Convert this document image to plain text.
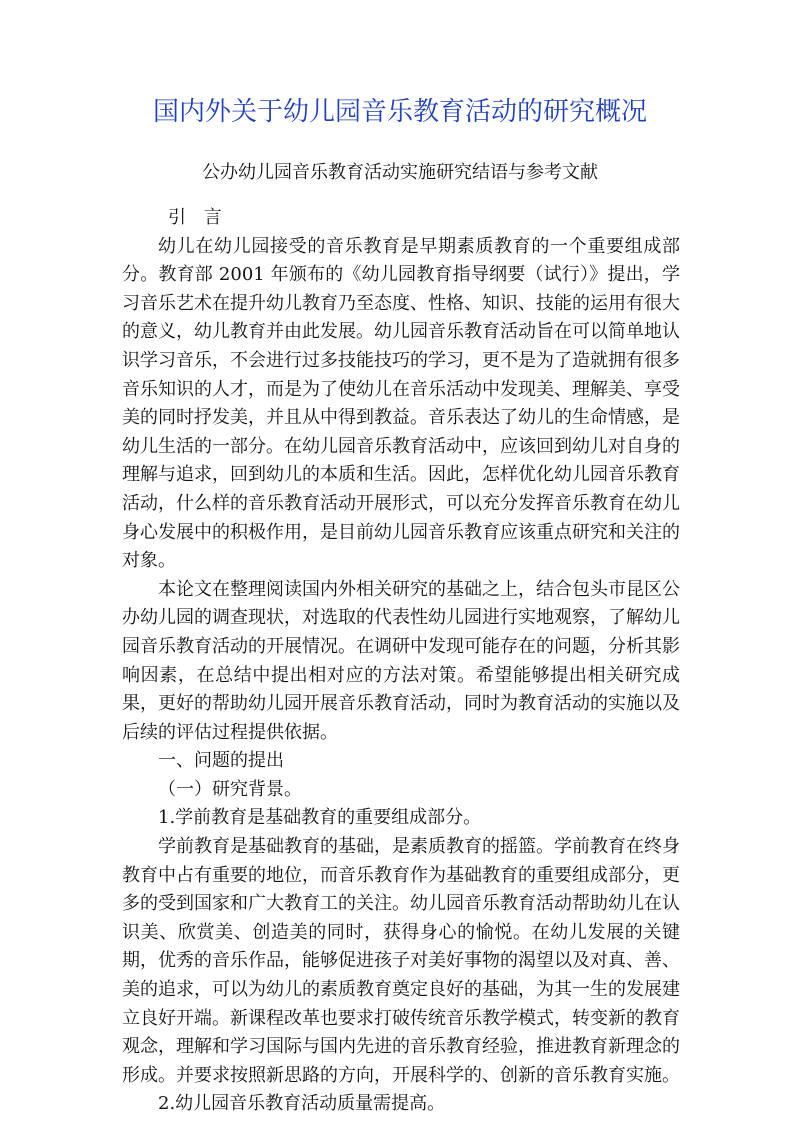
国内外关于幼儿园音乐教育活动的研究概况
公办幼儿园音乐教育活动实施研究结语与参考文献
引 言

幼儿在幼儿园接受的音乐教育是早期素质教育的一个重要组成部分。教育部 2001 年颁布的《幼儿园教育指导纲要（试行）》提出，学习音乐艺术在提升幼儿教育乃至态度、性格、知识、技能的运用有很大的意义，幼儿教育并由此发展。幼儿园音乐教育活动旨在可以简单地认识学习音乐，不会进行过多技能技巧的学习，更不是为了造就拥有很多音乐知识的人才，而是为了使幼儿在音乐活动中发现美、理解美、享受美的同时抒发美，并且从中得到教益。音乐表达了幼儿的生命情感，是幼儿生活的一部分。在幼儿园音乐教育活动中，应该回到幼儿对自身的理解与追求，回到幼儿的本质和生活。因此，怎样优化幼儿园音乐教育活动，什么样的音乐教育活动开展形式，可以充分发挥音乐教育在幼儿身心发展中的积极作用，是目前幼儿园音乐教育应该重点研究和关注的对象。

本论文在整理阅读国内外相关研究的基础之上，结合包头市昆区公办幼儿园的调查现状，对选取的代表性幼儿园进行实地观察，了解幼儿园音乐教育活动的开展情况。在调研中发现可能存在的问题，分析其影响因素，在总结中提出相对应的方法对策。希望能够提出相关研究成果，更好的帮助幼儿园开展音乐教育活动，同时为教育活动的实施以及后续的评估过程提供依据。

一、问题的提出
（一）研究背景。
1.学前教育是基础教育的重要组成部分。

学前教育是基础教育的基础，是素质教育的摇篮。学前教育在终身教育中占有重要的地位，而音乐教育作为基础教育的重要组成部分，更多的受到国家和广大教育工的关注。幼儿园音乐教育活动帮助幼儿在认识美、欣赏美、创造美的同时，获得身心的愉悦。在幼儿发展的关键期，优秀的音乐作品，能够促进孩子对美好事物的渴望以及对真、善、美的追求，可以为幼儿的素质教育奠定良好的基础，为其一生的发展建立良好开端。新课程改革也要求打破传统音乐教学模式，转变新的教育观念，理解和学习国际与国内先进的音乐教育经验，推进教育新理念的形成。并要求按照新思路的方向，开展科学的、创新的音乐教育实施。

2.幼儿园音乐教育活动质量需提高。
